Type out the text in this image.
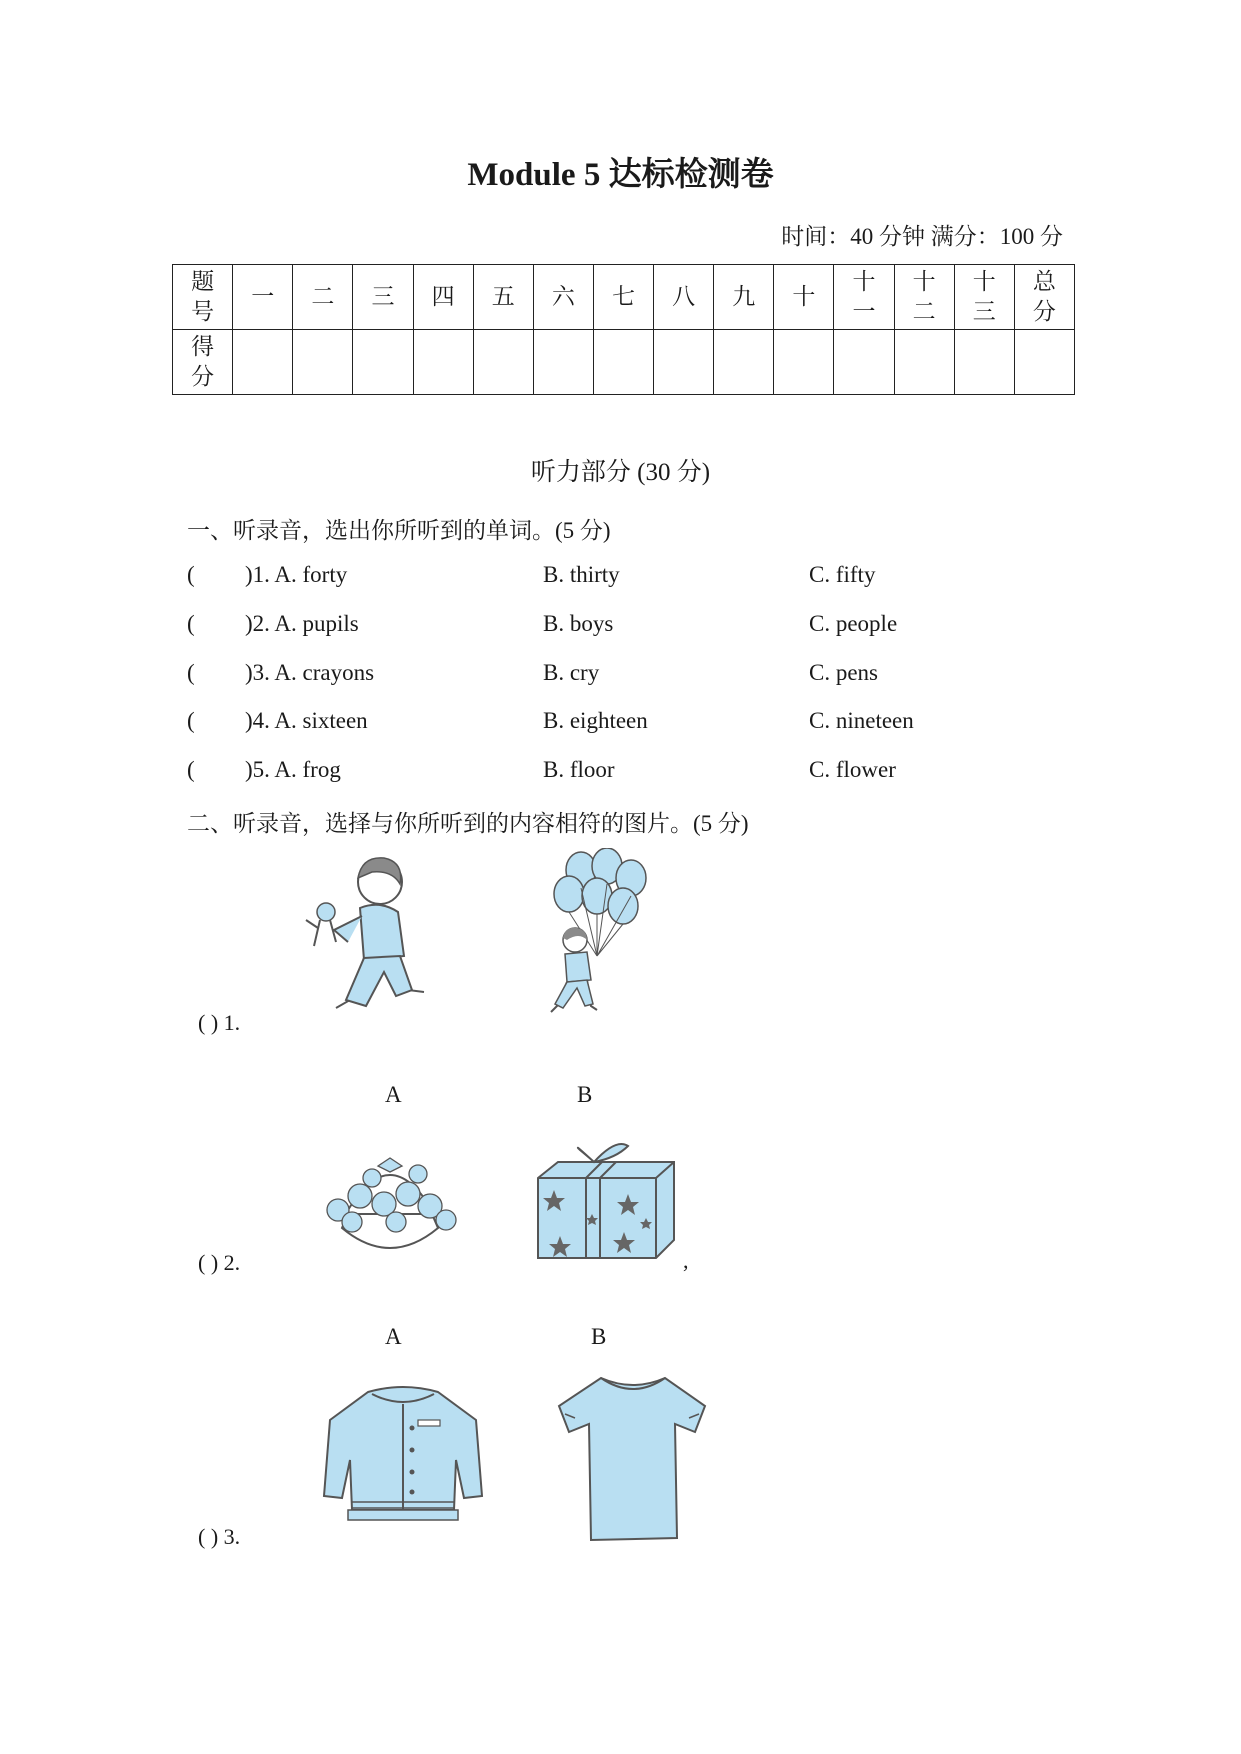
Module 5 达标检测卷
时间：40 分钟 满分：100 分
题号	一	二	三	四	五	六	七	八	九	十	十一	十二	十三	总分
得分														
听力部分 (30 分)
一、听录音，选出你所听到的单词。(5 分)
( )1. A. forty	B. thirty	C. fifty
( )2. A. pupils	B. boys	C. people
( )3. A. crayons	B. cry	C. pens
( )4. A. sixteen	B. eighteen	C. nineteen
( )5. A. frog	B. floor	C. flower
二、听录音，选择与你所听到的内容相符的图片。(5 分)
( ) 1.
A	B
( ) 2.	,
A	B
( ) 3.
